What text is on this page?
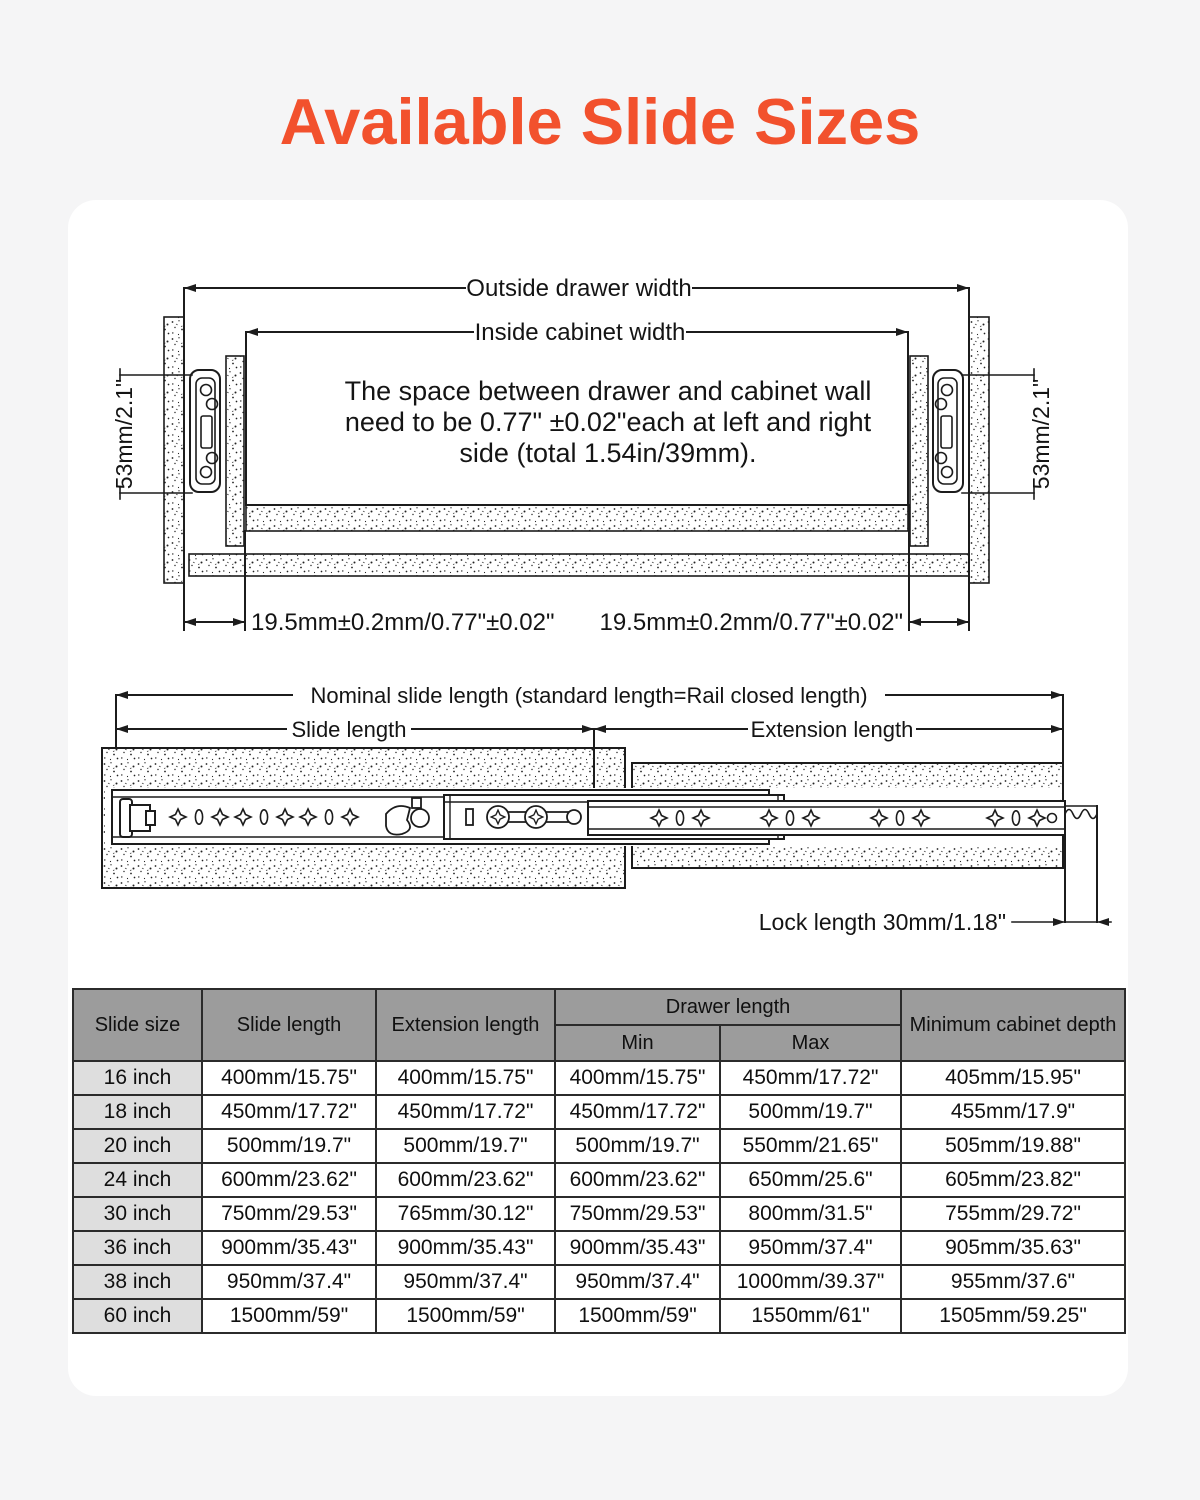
Available Slide Sizes
Outside drawer width
Inside cabinet width
The space between drawer and cabinet wall
need to be 0.77" ±0.02"each at left and right
side (total 1.54in/39mm).
53mm/2.1"	53mm/2.1"
19.5mm±0.2mm/0.77"±0.02" 19.5mm±0.2mm/0.77"±0.02"
Nominal slide length (standard length=Rail closed length)
Slide length	Extension length
Lock length 30mm/1.18"
Slide size	Slide length	Extension length	Drawer length		Minimum cabinet depth
			Min	Max	
16 inch	400mm/15.75"	400mm/15.75"	400mm/15.75"	450mm/17.72"	405mm/15.95"
18 inch	450mm/17.72"	450mm/17.72"	450mm/17.72"	500mm/19.7"	455mm/17.9"
20 inch	500mm/19.7"	500mm/19.7"	500mm/19.7"	550mm/21.65"	505mm/19.88"
24 inch	600mm/23.62"	600mm/23.62"	600mm/23.62"	650mm/25.6"	605mm/23.82"
30 inch	750mm/29.53"	765mm/30.12"	750mm/29.53"	800mm/31.5"	755mm/29.72"
36 inch	900mm/35.43"	900mm/35.43"	900mm/35.43"	950mm/37.4"	905mm/35.63"
38 inch	950mm/37.4"	950mm/37.4"	950mm/37.4"	1000mm/39.37"	955mm/37.6"
60 inch	1500mm/59"	1500mm/59"	1500mm/59"	1550mm/61"	1505mm/59.25"
